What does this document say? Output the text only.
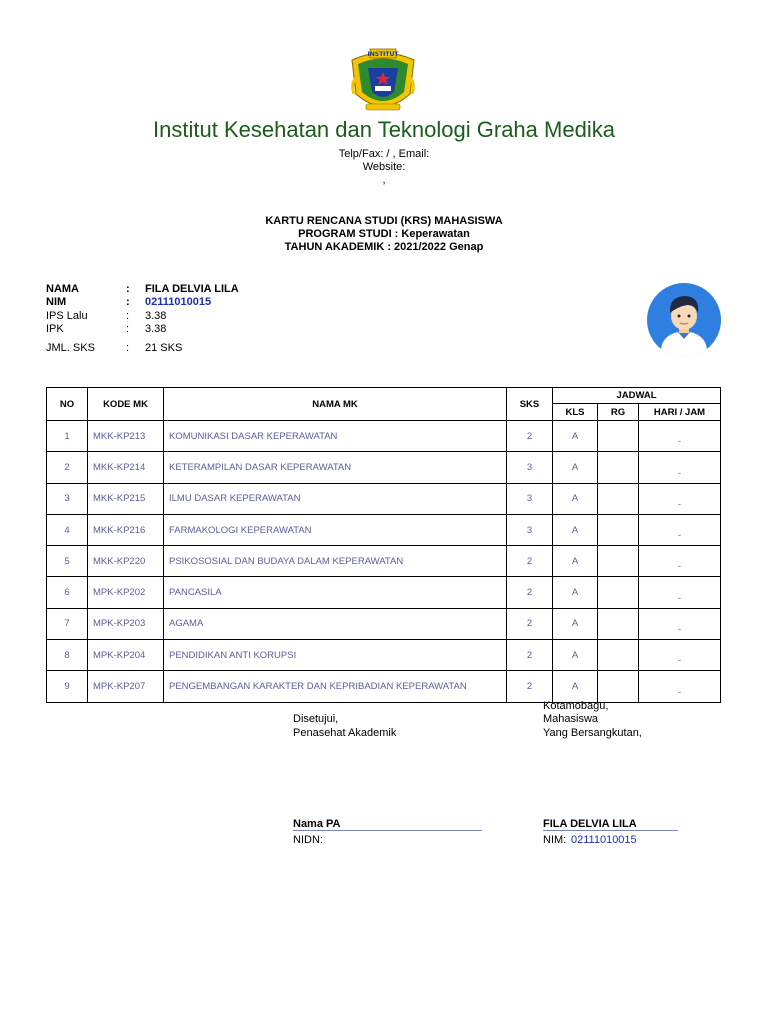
INSTITUT
Institut Kesehatan dan Teknologi Graha Medika
Telp/Fax: / , Email:
Website:
,
KARTU RENCANA STUDI (KRS) MAHASISWA
PROGRAM STUDI : Keperawatan
TAHUN AKADEMIK : 2021/2022 Genap
NAMA	: FILA DELVIA LILA
NIM	: 02111010015
IPS Lalu	: 3.38
IPK	: 3.38
JML. SKS	: 21 SKS
NO	KODE MK	NAMA MK	SKS	JADWAL		
				KLS	RG	HARI / JAM
1	MKK-KP213	KOMUNIKASI DASAR KEPERAWATAN	2	A		-
2	MKK-KP214	KETERAMPILAN DASAR KEPERAWATAN	3	A		-
3	MKK-KP215	ILMU DASAR KEPERAWATAN	3	A		-
4	MKK-KP216	FARMAKOLOGI KEPERAWATAN	3	A		-
5	MKK-KP220	PSIKOSOSIAL DAN BUDAYA DALAM KEPERAWATAN	2	A		-
6	MPK-KP202	PANCASILA	2	A		-
7	MPK-KP203	AGAMA	2	A		-
8	MPK-KP204	PENDIDIKAN ANTI KORUPSI	2	A		-
9	MPK-KP207	PENGEMBANGAN KARAKTER DAN KEPRIBADIAN KEPERAWATAN	2	A		-
Kotamobagu,
Disetujui,	Mahasiswa
Penasehat Akademik	Yang Bersangkutan,
Nama PA	FILA DELVIA LILA
NIDN:	NIM: 02111010015
